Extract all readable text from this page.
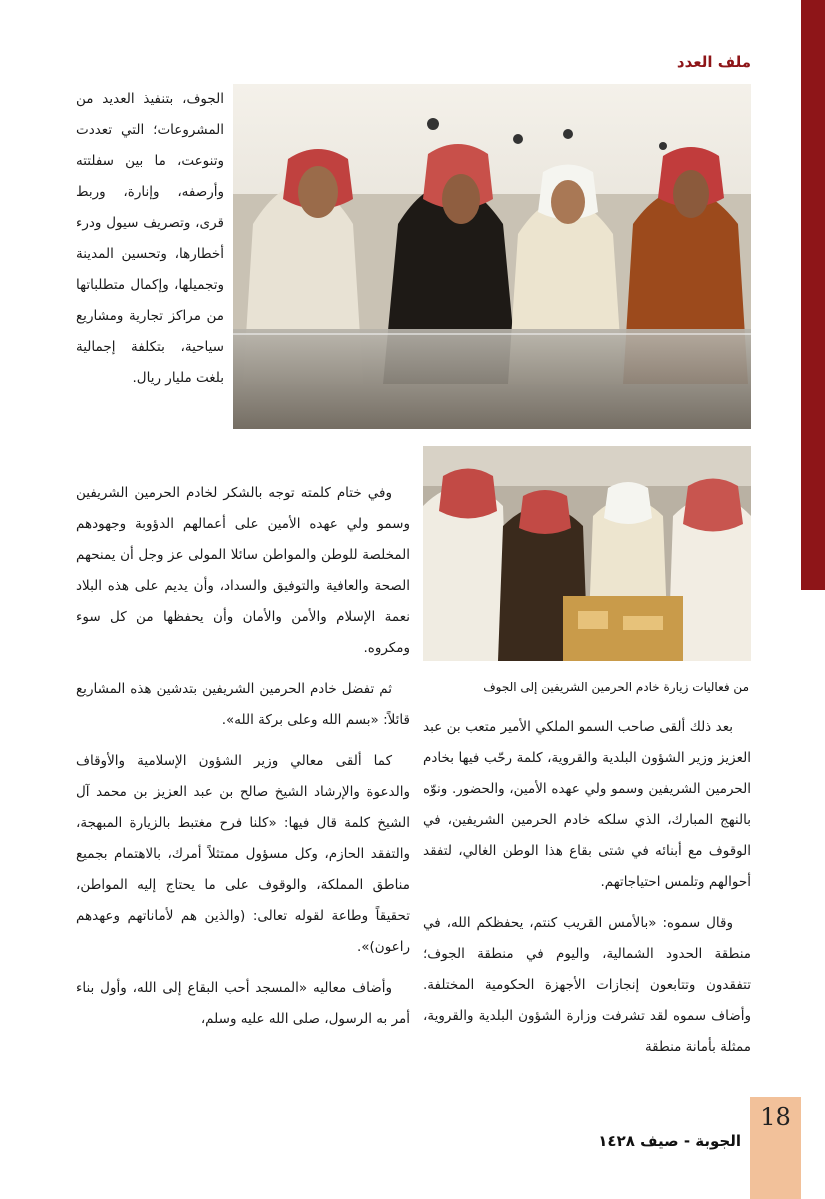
ملف العدد

الجوف، بتنفيذ العديد من المشروعات؛ التي تعددت وتنوعت، ما بين سفلتته وأرصفه، وإنارة، وربط قرى، وتصريف سيول ودرء أخطارها، وتحسين المدينة وتجميلها، وإكمال متطلباتها من مراكز تجارية ومشاريع سياحية، بتكلفة إجمالية بلغت مليار ريال.

من فعاليات زيارة خادم الحرمين الشريفين إلى الجوف

وفي ختام كلمته توجه بالشكر لخادم الحرمين الشريفين وسمو ولي عهده الأمين على أعمالهم الدؤوبة وجهودهم المخلصة للوطن والمواطن سائلا المولى عز وجل أن يمنحهم الصحة والعافية والتوفيق والسداد، وأن يديم على هذه البلاد نعمة الإسلام والأمن والأمان وأن يحفظها من كل سوء ومكروه.

ثم تفضل خادم الحرمين الشريفين بتدشين هذه المشاريع قائلاً: «بسم الله وعلى بركة الله».

كما ألقى معالي وزير الشؤون الإسلامية والأوقاف والدعوة والإرشاد الشيخ صالح بن عبد العزيز بن محمد آل الشيخ كلمة قال فيها: «كلنا فرح مغتبط بالزيارة المبهجة، والتفقد الحازم، وكل مسؤول ممتثلاً أمرك، بالاهتمام بجميع مناطق المملكة، والوقوف على ما يحتاج إليه المواطن، تحقيقاً وطاعة لقوله تعالى: (والذين هم لأماناتهم وعهدهم راعون)».

وأضاف معاليه «المسجد أحب البقاع إلى الله، وأول بناء أمر به الرسول، صلى الله عليه وسلم،

بعد ذلك ألقى صاحب السمو الملكي الأمير متعب بن عبد العزيز وزير الشؤون البلدية والقروية، كلمة رحّب فيها بخادم الحرمين الشريفين وسمو ولي عهده الأمين، والحضور. ونوّه بالنهج المبارك، الذي سلكه خادم الحرمين الشريفين، في الوقوف مع أبنائه في شتى بقاع هذا الوطن الغالي، لتفقد أحوالهم وتلمس احتياجاتهم.

وقال سموه: «بالأمس القريب كنتم، يحفظكم الله، في منطقة الحدود الشمالية، واليوم في منطقة الجوف؛ تتفقدون وتتابعون إنجازات الأجهزة الحكومية المختلفة. وأضاف سموه لقد تشرفت وزارة الشؤون البلدية والقروية، ممثلة بأمانة منطقة

الجوبة - صيف ١٤٢٨
18
